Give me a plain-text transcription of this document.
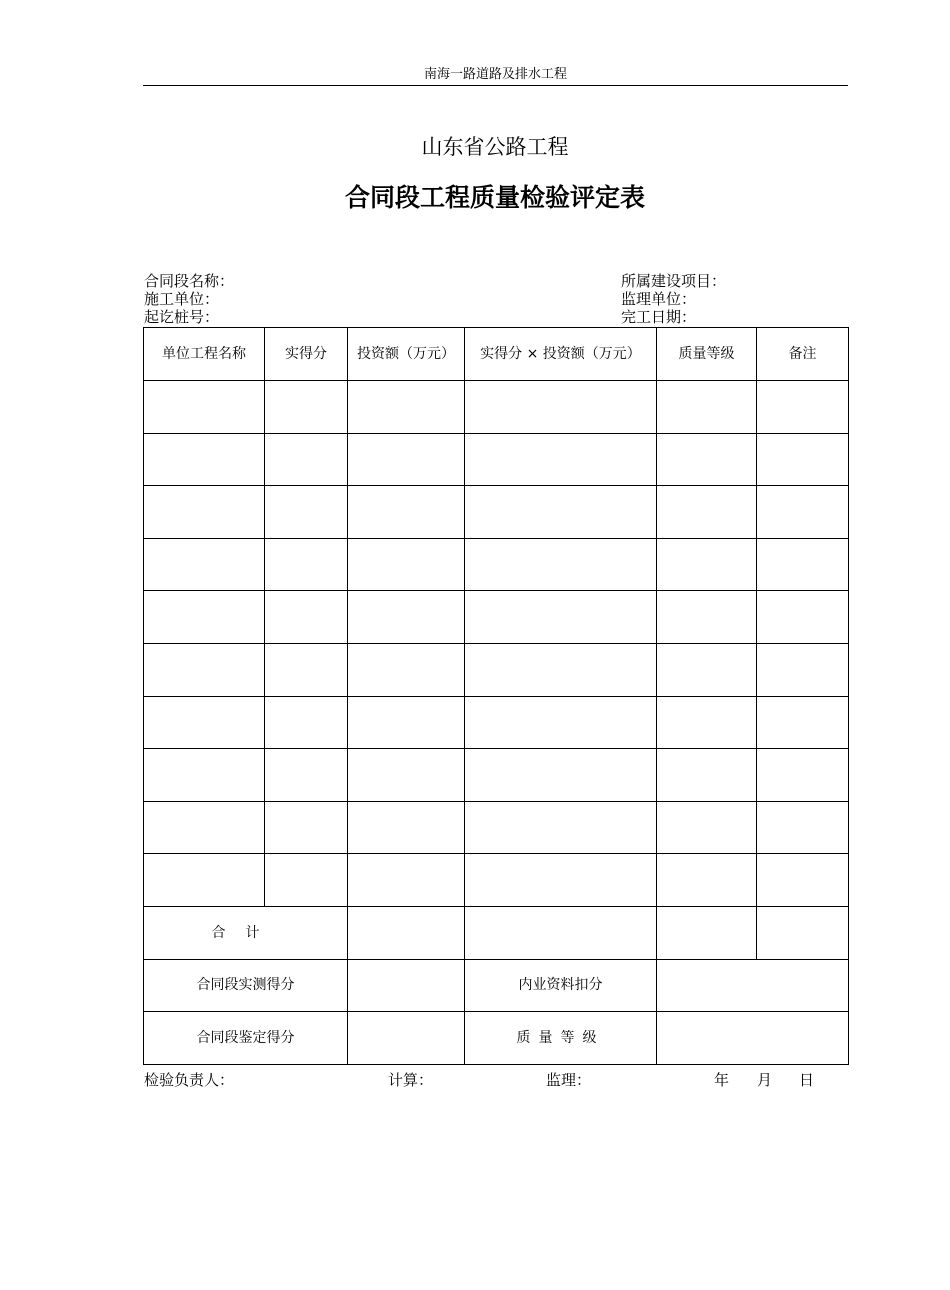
南海一路道路及排水工程
山东省公路工程
合同段工程质量检验评定表
合同段名称：
施工单位：
起讫桩号：
所属建设项目：
监理单位：
完工日期：
单位工程名称	实得分	投资额（万元）	实得分 × 投资额（万元）	质量等级	备注

合计					
合同段实测得分			内业资料扣分		
合同段鉴定得分			质量等级		
检验负责人：	计算：	监理：	年 月 日
